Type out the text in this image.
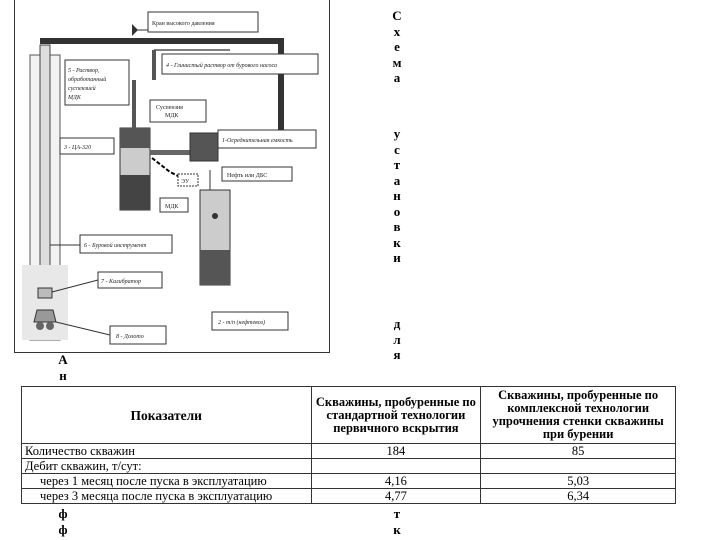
Кран высокого давления
4 - Глинистый раствор от бурового насоса
5 - Раствор, обработанный суспензией МДК
3 - ЦА-320
Суспензия МДК
1-Осреднительная емкость
Нефть или ДБС
ЭУ
МДК
2 - т/п (нефтевоз)
6 - Буровой инструмент
7 - Калибратор
8 - Долото
С
х
е
м
а
у
с
т
а
н
о
в
к
и
д
л
я
А
н
ф
ф
т
к
Показатели	Скважины, пробуренные по стандартной технологии первичного вскрытия	Скважины, пробуренные по комплексной технологии упрочнения стенки скважины при бурении
Количество скважин	184	85
Дебит скважин, т/сут:		
через 1 месяц после пуска в эксплуатацию	4,16	5,03
через 3 месяца после пуска в эксплуатацию	4,77	6,34
